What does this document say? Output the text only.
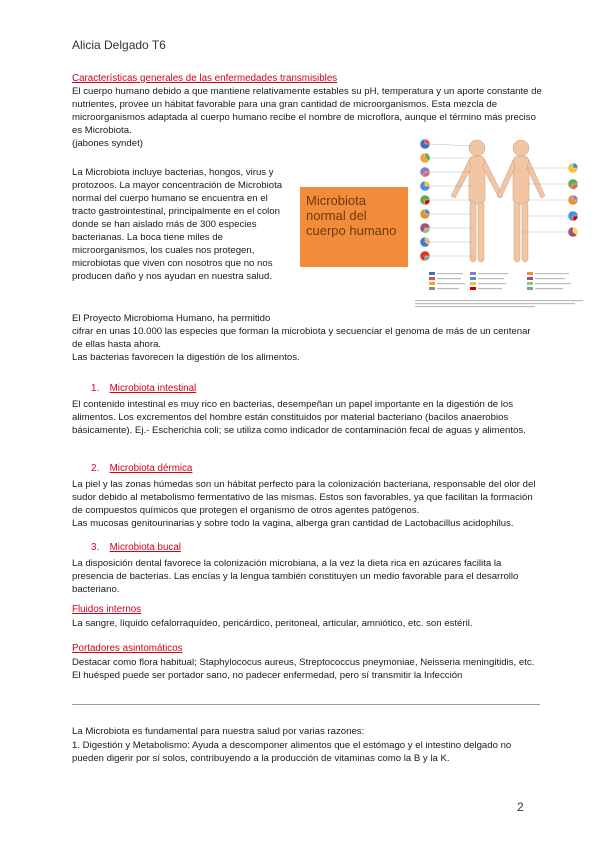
Alicia Delgado T6
Características generales de las enfermedades transmisibles

El cuerpo humano debido a que mantiene relativamente estables su pH, temperatura y un aporte constante de nutrientes, provee un hábitat favorable para una gran cantidad de microorganismos. Esta mezcla de microorganismos adaptada al cuerpo humano recibe el nombre de microflora, aunque el término más preciso es Microbiota.

(jabones syndet)

La Microbiota incluye bacterias, hongos, virus y protozoos. La mayor concentración de Microbiota normal del cuerpo humano se encuentra en el tracto gastrointestinal, principalmente en el colon donde se han aislado más de 300 especies bacterianas. La boca tiene miles de microorganismos, los cuales nos protegen, microbiotas que viven con nosotros que no nos producen daño y nos ayudan en nuestra salud.

Microbiota normal del cuerpo humano

El Proyecto Microbioma Humano, ha permitido

cifrar en unas 10.000 las especies que forman la microbiota y secuenciar el genoma de más de un centenar de ellas hasta ahora.

Las bacterias favorecen la digestión de los alimentos.

1. Microbiota intestinal

El contenido intestinal es muy rico en bacterias, desempeñan un papel importante en la digestión de los alimentos. Los excrementos del hombre están constituidos por material bacteriano (bacilos anaerobios básicamente). Ej.- Escherichia coli; se utiliza como indicador de contaminación fecal de aguas y alimentos.

2. Microbiota dérmica

La piel y las zonas húmedas son un hábitat perfecto para la colonización bacteriana, responsable del olor del sudor debido al metabolismo fermentativo de las mismas. Estos son favorables, ya que facilitan la formación de compuestos químicos que protegen el organismo de otros agentes patógenos.

Las mucosas genitourinarias y sobre todo la vagina, alberga gran cantidad de Lactobacillus acidophilus.

3. Microbiota bucal

La disposición dental favorece la colonización microbiana, a la vez la dieta rica en azúcares facilita la presencia de bacterias. Las encías y la lengua también constituyen un medio favorable para el desarrollo bacteriano.

Fluidos internos

La sangre, líquido cefalorraquídeo, pericárdico, peritoneal, articular, amniótico, etc. son estéril.

Portadores asintomáticos

Destacar como flora habitual; Staphylococus aureus, Streptococcus pneymoniae, Neisseria meningitidis, etc. El huésped puede ser portador sano, no padecer enfermedad, pero sí transmitir la Infección

La Microbiota es fundamental para nuestra salud por varias razones:

1. Digestión y Metabolismo: Ayuda a descomponer alimentos que el estómago y el intestino delgado no pueden digerir por sí solos, contribuyendo a la producción de vitaminas como la B y la K.

2
